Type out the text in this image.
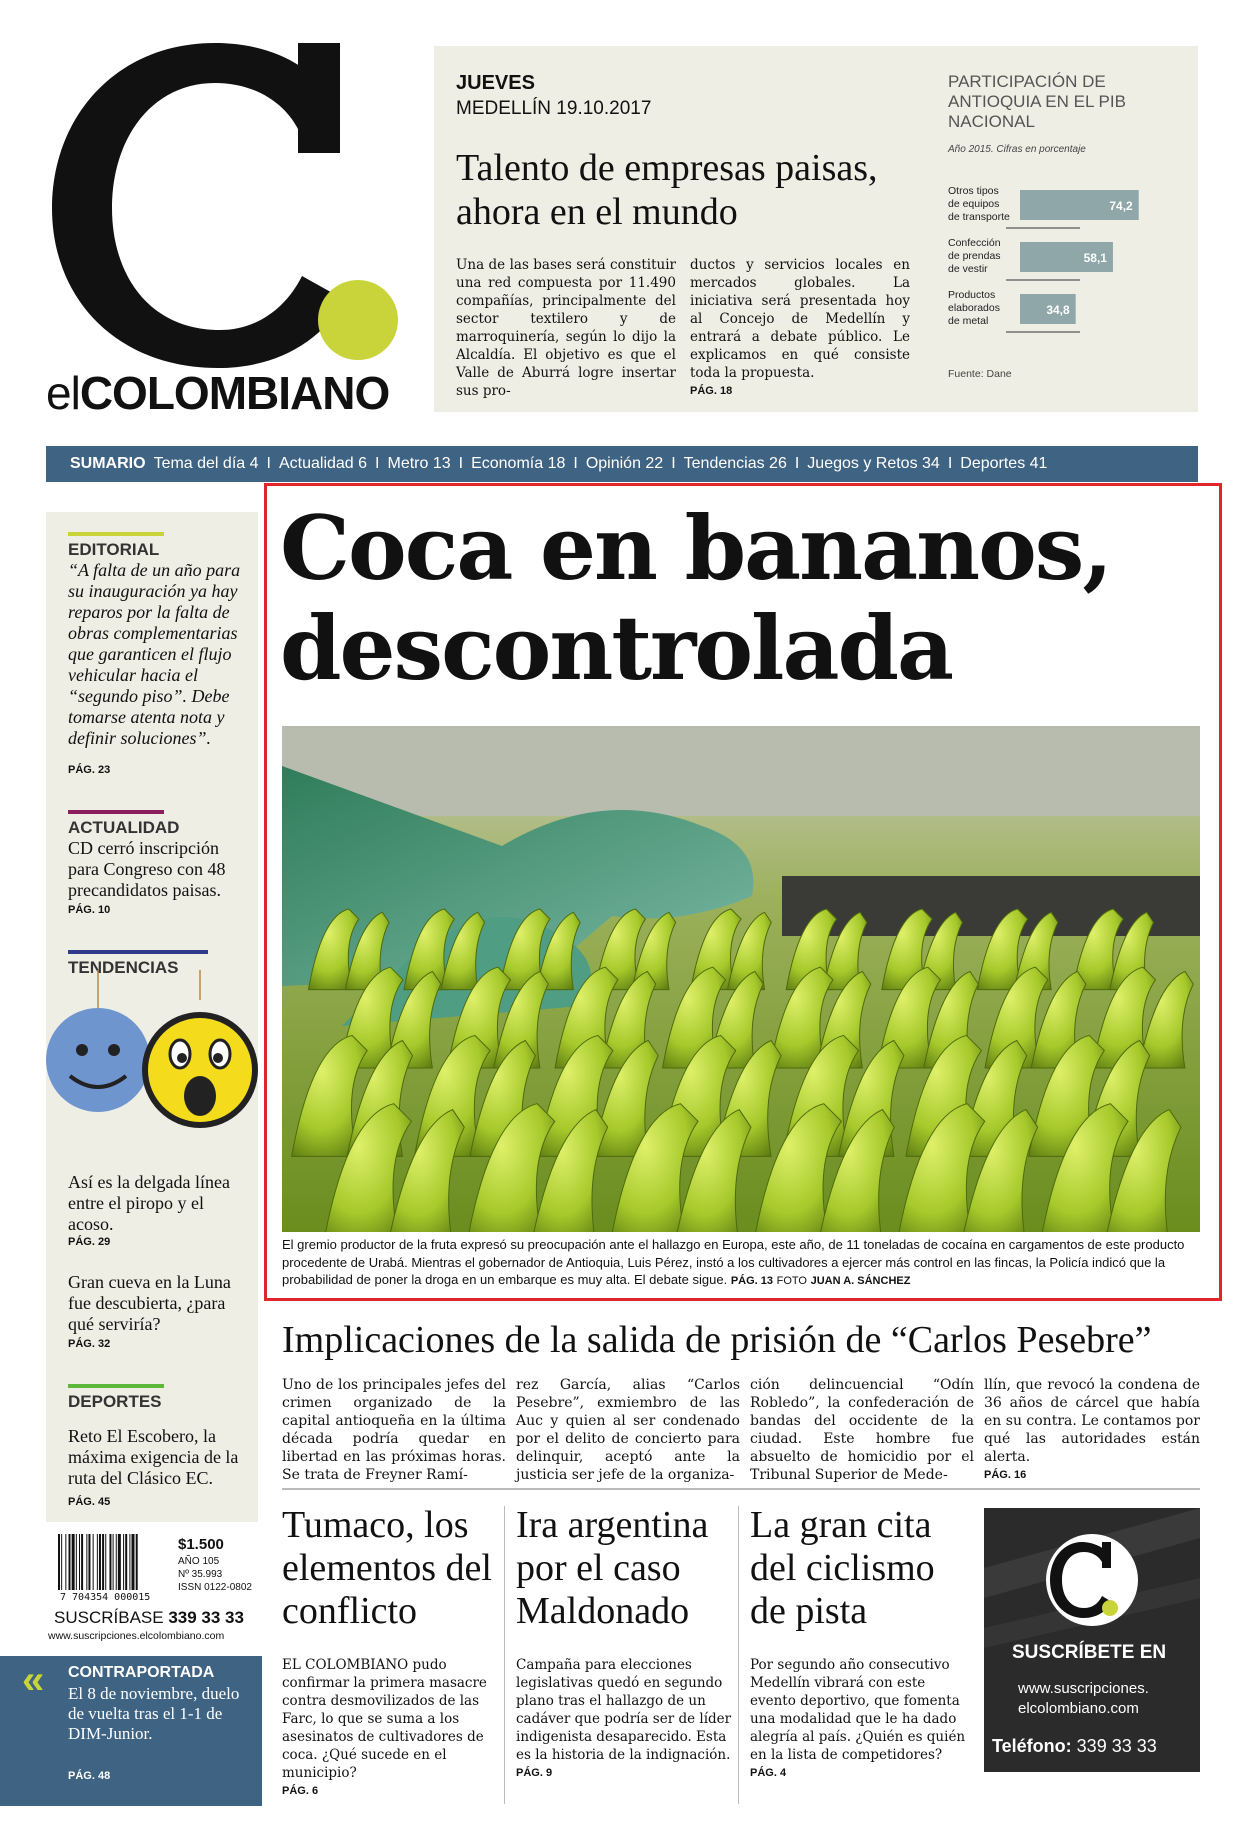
elCOLOMBIANO
JUEVES
MEDELLÍN 19.10.2017
Talento de empresas paisas, ahora en el mundo
Una de las bases será constituir una red compuesta por 11.490 compañías, principalmente del sector textilero y de marroquinería, según lo dijo la Alcaldía. El objetivo es que el Valle de Aburrá logre insertar sus pro-
ductos y servicios locales en mercados globales. La iniciativa será presentada hoy al Concejo de Medellín y entrará a debate público. Le explicamos en qué consiste toda la propuesta.
PÁG. 18
PARTICIPACIÓN DE ANTIOQUIA EN EL PIB NACIONAL
Año 2015. Cifras en porcentaje
74,2
Otros tipos de equipos de transporte
58,1
Confección de prendas de vestir
34,8
Productos elaborados de metal
Fuente: Dane
SUMARIO Tema del día 4 I Actualidad 6 I Metro 13 I Economía 18 I Opinión 22 I Tendencias 26 I Juegos y Retos 34 I Deportes 41
EDITORIAL
“A falta de un año para su inauguración ya hay reparos por la falta de obras complementarias que garanticen el flujo vehicular hacia el “segundo piso”. Debe tomarse atenta nota y definir soluciones”.
PÁG. 23
ACTUALIDAD
CD cerró inscripción para Congreso con 48 precandidatos paisas.
PÁG. 10
TENDENCIAS
Así es la delgada línea entre el piropo y el acoso.
PÁG. 29
Gran cueva en la Luna fue descubierta, ¿para qué serviría?
PÁG. 32
DEPORTES
Reto El Escobero, la máxima exigencia de la ruta del Clásico EC.
PÁG. 45
7 704354 000015
$1.500
AÑO 105
Nº 35.993
ISSN 0122-0802
SUSCRÍBASE 339 33 33
www.suscripciones.elcolombiano.com
« CONTRAPORTADA
El 8 de noviembre, duelo de vuelta tras el 1-1 de DIM-Junior.
PÁG. 48
Coca en bananos,
descontrolada
El gremio productor de la fruta expresó su preocupación ante el hallazgo en Europa, este año, de 11 toneladas de cocaína en cargamentos de este producto procedente de Urabá. Mientras el gobernador de Antioquia, Luis Pérez, instó a los cultivadores a ejercer más control en las fincas, la Policía indicó que la probabilidad de poner la droga en un embarque es muy alta. El debate sigue. PÁG. 13 FOTO JUAN A. SÁNCHEZ
Implicaciones de la salida de prisión de “Carlos Pesebre”
Uno de los principales jefes del crimen organizado de la capital antioqueña en la última década podría quedar en libertad en las próximas horas. Se trata de Freyner Ramí-
rez García, alias “Carlos Pesebre”, exmiembro de las Auc y quien al ser condenado por el delito de concierto para delinquir, aceptó ante la justicia ser jefe de la organiza-
ción delincuencial “Odín Robledo”, la confederación de bandas del occidente de la ciudad. Este hombre fue absuelto de homicidio por el Tribunal Superior de Mede-
llín, que revocó la condena de 36 años de cárcel que había en su contra. Le contamos por qué las autoridades están alerta.
PÁG. 16
Tumaco, los elementos del conflicto
EL COLOMBIANO pudo confirmar la primera masacre contra desmovilizados de las Farc, lo que se suma a los asesinatos de cultivadores de coca. ¿Qué sucede en el municipio?
PÁG. 6
Ira argentina por el caso Maldonado
Campaña para elecciones legislativas quedó en segundo plano tras el hallazgo de un cadáver que podría ser de líder indigenista desaparecido. Esta es la historia de la indignación.
PÁG. 9
La gran cita del ciclismo de pista
Por segundo año consecutivo Medellín vibrará con este evento deportivo, que fomenta una modalidad que le ha dado alegría al país. ¿Quién es quién en la lista de competidores?
PÁG. 4
SUSCRÍBETE EN
www.suscripciones.
elcolombiano.com
Teléfono: 339 33 33
